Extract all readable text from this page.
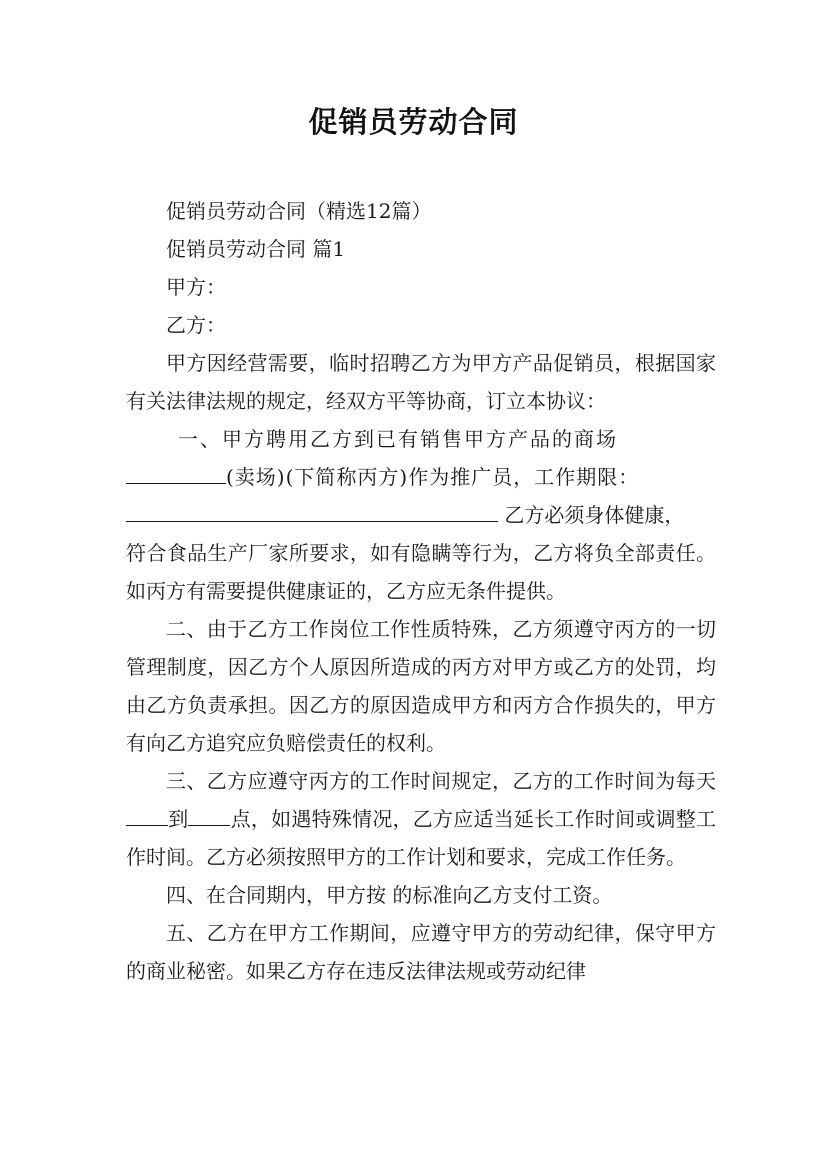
促销员劳动合同

促销员劳动合同（精选12篇）

促销员劳动合同 篇1

甲方：

乙方：

甲方因经营需要，临时招聘乙方为甲方产品促销员，根据国家有关法律法规的规定，经双方平等协商，订立本协议：

一、甲方聘用乙方到已有销售甲方产品的商场

(卖场)(下简称丙方)作为推广员，工作期限：

乙方必须身体健康，

符合食品生产厂家所要求，如有隐瞒等行为，乙方将负全部责任。如丙方有需要提供健康证的，乙方应无条件提供。

二、由于乙方工作岗位工作性质特殊，乙方须遵守丙方的一切管理制度，因乙方个人原因所造成的丙方对甲方或乙方的处罚，均由乙方负责承担。因乙方的原因造成甲方和丙方合作损失的，甲方有向乙方追究应负赔偿责任的权利。

三、乙方应遵守丙方的工作时间规定，乙方的工作时间为每天到 点，如遇特殊情况，乙方应适当延长工作时间或调整工作时间。乙方必须按照甲方的工作计划和要求，完成工作任务。

四、在合同期内，甲方按 的标准向乙方支付工资。

五、乙方在甲方工作期间，应遵守甲方的劳动纪律，保守甲方的商业秘密。如果乙方存在违反法律法规或劳动纪律
